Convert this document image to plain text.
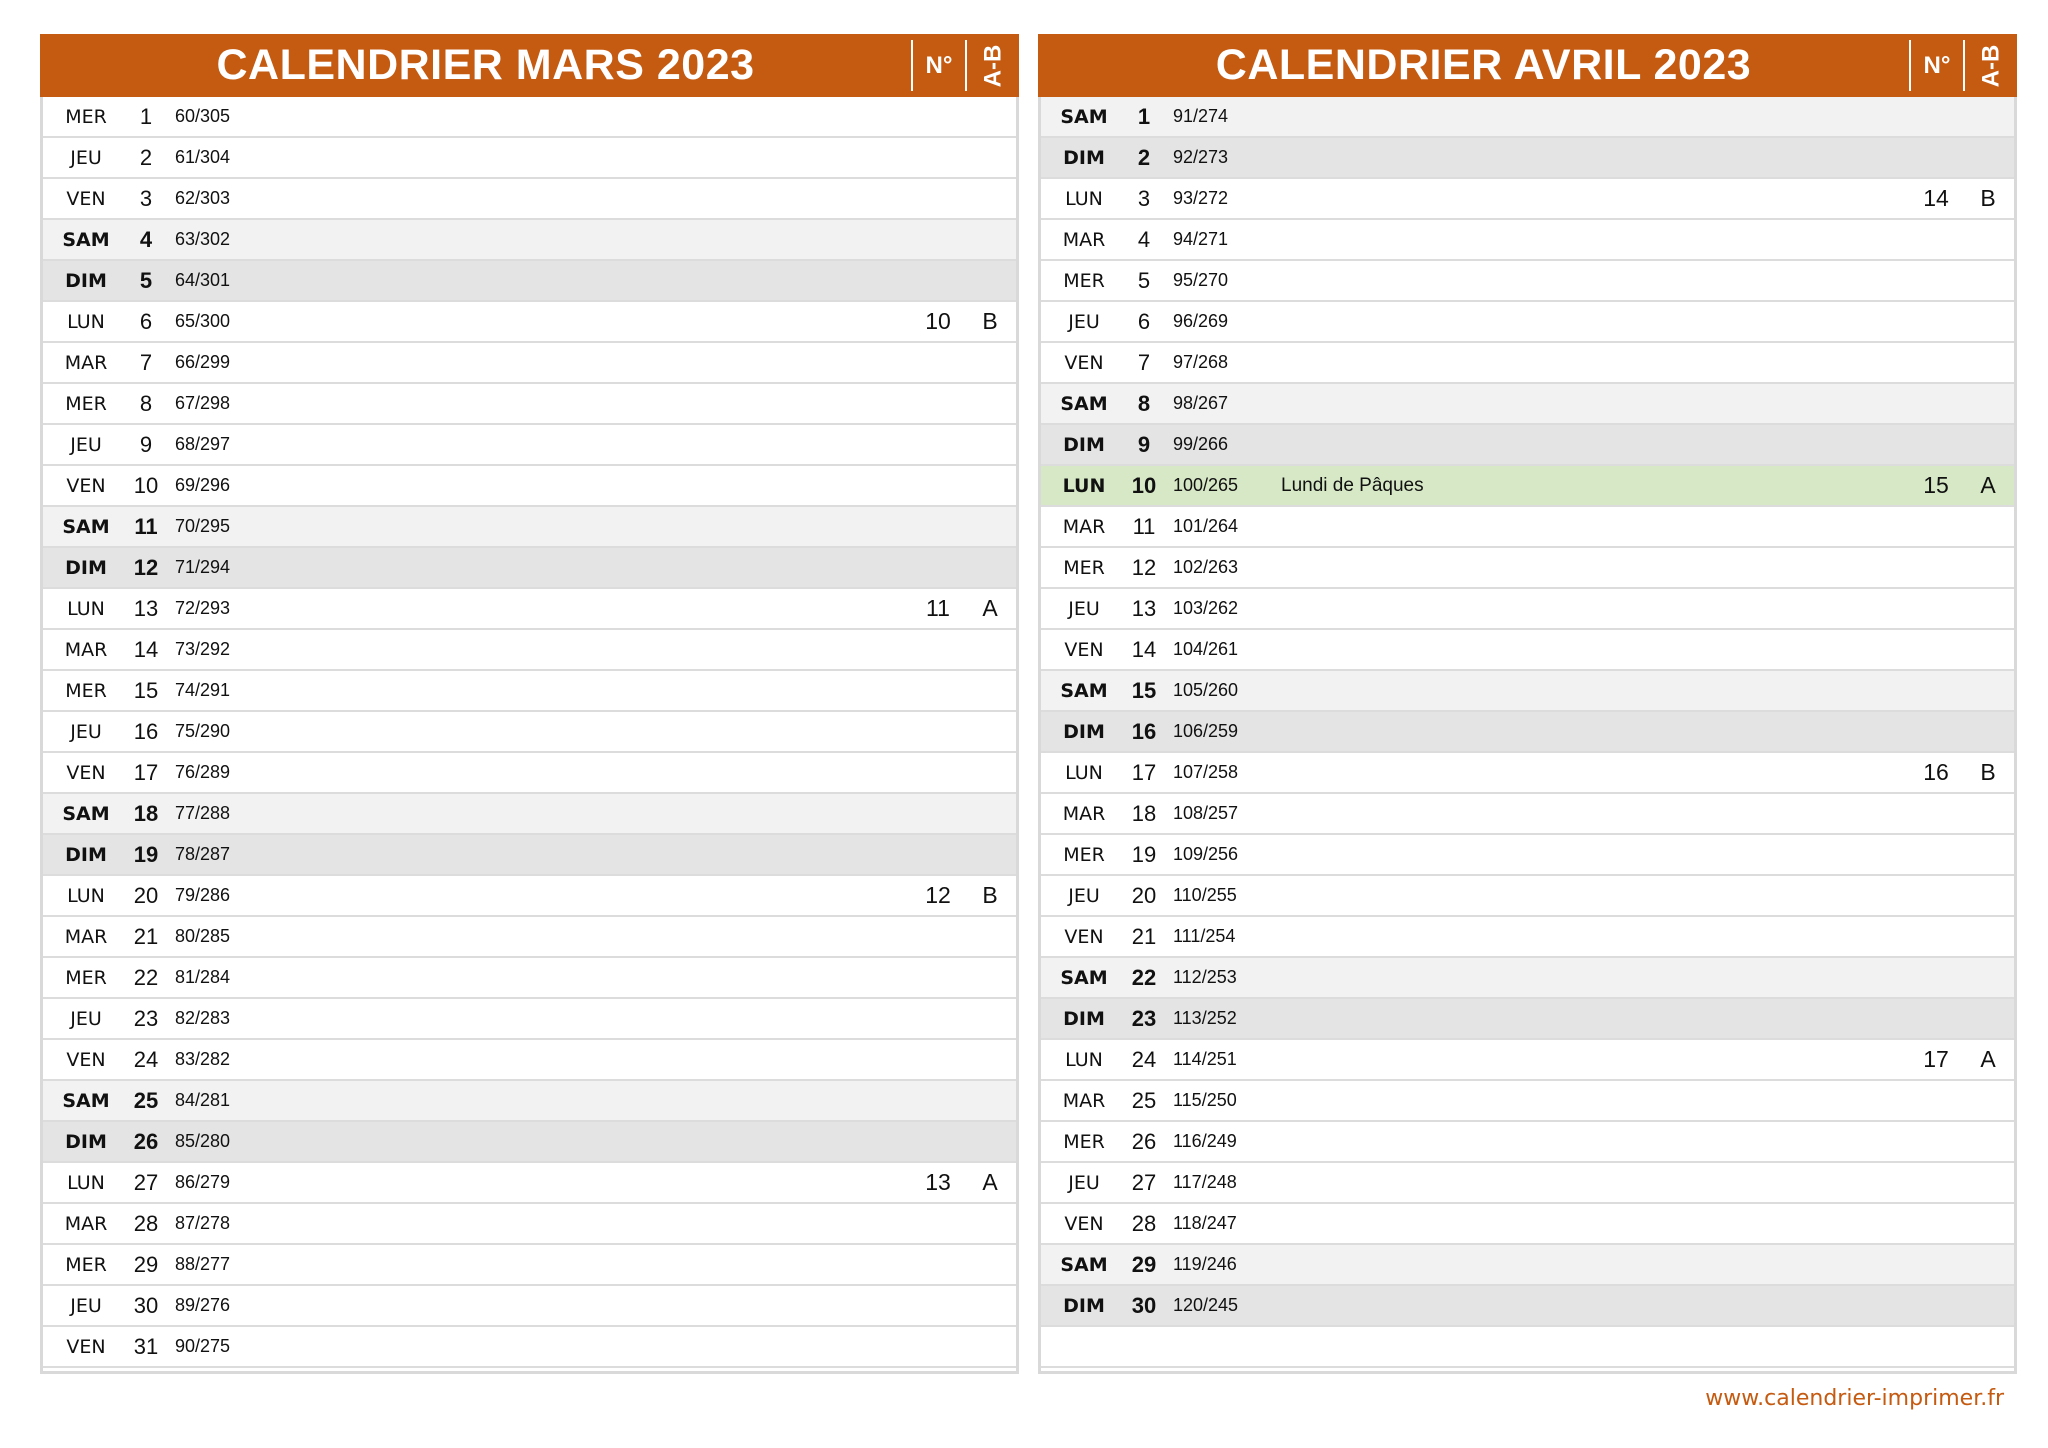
CALENDRIER MARS 2023	N°	A-B
MER	1	60/305
JEU	2	61/304
VEN	3	62/303
SAM	4	63/302
DIM	5	64/301
LUN	6	65/300	10	B
MAR	7	66/299
MER	8	67/298
JEU	9	68/297
VEN	10 69/296
SAM	11 70/295
DIM	12 71/294
LUN	13 72/293	11	A
MAR	14 73/292
MER	15 74/291
JEU	16 75/290
VEN	17 76/289
SAM	18 77/288
DIM	19 78/287
LUN	20 79/286	12	B
MAR	21 80/285
MER	22 81/284
JEU	23 82/283
VEN	24 83/282
SAM	25 84/281
DIM	26 85/280
LUN	27 86/279	13	A
MAR	28 87/278
MER	29 88/277
JEU	30 89/276
VEN	31 90/275
CALENDRIER AVRIL 2023	N°	A-B
SAM	1	91/274
DIM	2	92/273
LUN	3	93/272	14	B
MAR	4	94/271
MER	5	95/270
JEU	6	96/269
VEN	7	97/268
SAM	8	98/267
DIM	9	99/266
LUN	10 100/265	Lundi de Pâques	15	A
MAR	11 101/264
MER	12 102/263
JEU	13 103/262
VEN	14 104/261
SAM	15 105/260
DIM	16 106/259
LUN	17 107/258	16	B
MAR	18 108/257
MER	19 109/256
JEU	20 110/255
VEN	21 111/254
SAM	22 112/253
DIM	23 113/252
LUN	24 114/251	17	A
MAR	25 115/250
MER	26 116/249
JEU	27 117/248
VEN	28 118/247
SAM	29 119/246
DIM	30 120/245
www.calendrier-imprimer.fr
